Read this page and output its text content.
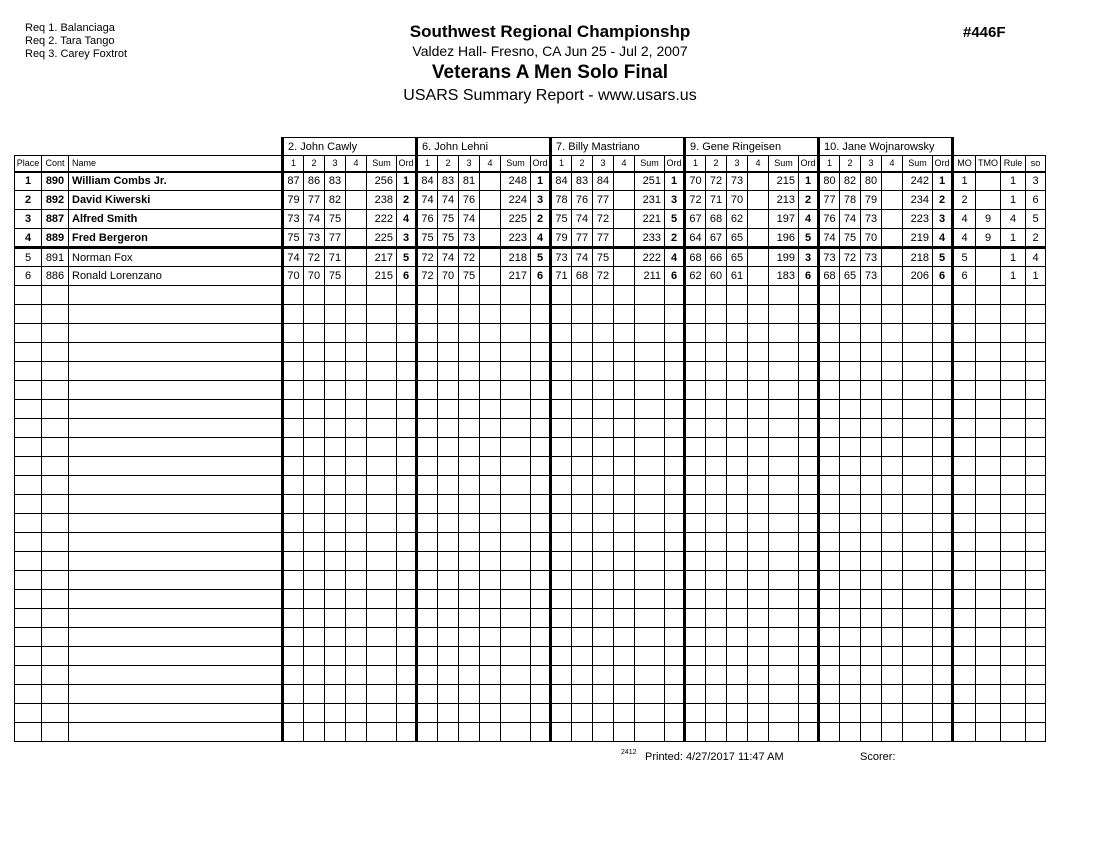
Req 1. Balanciaga
Req 2. Tara Tango
Req 3. Carey Foxtrot
Southwest Regional Championshp
Valdez Hall- Fresno, CA Jun 25 - Jul 2, 2007
Veterans A Men Solo Final
USARS Summary Report - www.usars.us
#446F
			2. John Cawly						6. John Lehni						7. Billy Mastriano						9. Gene Ringeisen						10. Jane Wojnarowsky									
Place	Cont	Name	1	2	3	4	Sum	Ord	1	2	3	4	Sum	Ord	1	2	3	4	Sum	Ord	1	2	3	4	Sum	Ord	1	2	3	4	Sum	Ord	MO	TMO	Rule	so
1	890	William Combs Jr.	87	86	83		256	1	84	83	81		248	1	84	83	84		251	1	70	72	73		215	1	80	82	80		242	1	1		1	3
2	892	David Kiwerski	79	77	82		238	2	74	74	76		224	3	78	76	77		231	3	72	71	70		213	2	77	78	79		234	2	2		1	6
3	887	Alfred Smith	73	74	75		222	4	76	75	74		225	2	75	74	72		221	5	67	68	62		197	4	76	74	73		223	3	4	9	4	5
4	889	Fred Bergeron	75	73	77		225	3	75	75	73		223	4	79	77	77		233	2	64	67	65		196	5	74	75	70		219	4	4	9	1	2
5	891	Norman Fox	74	72	71		217	5	72	74	72		218	5	73	74	75		222	4	68	66	65		199	3	73	72	73		218	5	5		1	4
6	886	Ronald Lorenzano	70	70	75		215	6	72	70	75		217	6	71	68	72		211	6	62	60	61		183	6	68	65	73		206	6	6		1	1

2412 Printed: 4/27/2017 11:47 AM	Scorer:
